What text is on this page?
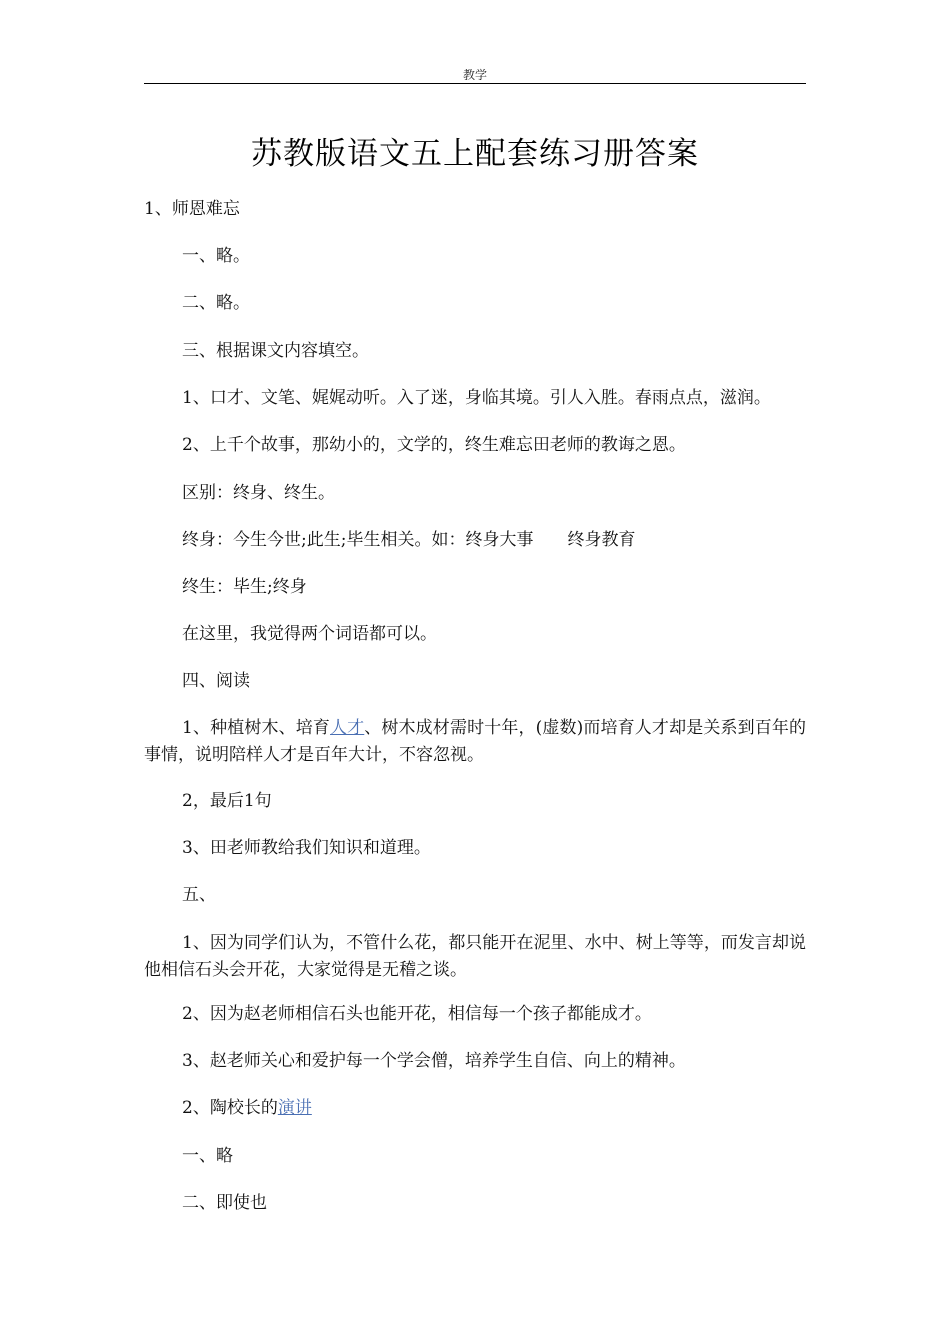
教学
苏教版语文五上配套练习册答案
1、师恩难忘
一、略。
二、略。
三、根据课文内容填空。
1、口才、文笔、娓娓动听。入了迷，身临其境。引人入胜。春雨点点，滋润。
2、上千个故事，那幼小的，文学的，终生难忘田老师的教诲之恩。
区别：终身、终生。
终身：今生今世;此生;毕生相关。如：终身大事　　终身教育
终生：毕生;终身
在这里，我觉得两个词语都可以。
四、阅读
1、种植树木、培育人才、树木成材需时十年，(虚数)而培育人才却是关系到百年的事情，说明陪样人才是百年大计，不容忽视。
2，最后1句
3、田老师教给我们知识和道理。
五、
1、因为同学们认为，不管什么花，都只能开在泥里、水中、树上等等，而发言却说他相信石头会开花，大家觉得是无稽之谈。
2、因为赵老师相信石头也能开花，相信每一个孩子都能成才。
3、赵老师关心和爱护每一个学会僧，培养学生自信、向上的精神。
2、陶校长的演讲
一、略
二、即使也
